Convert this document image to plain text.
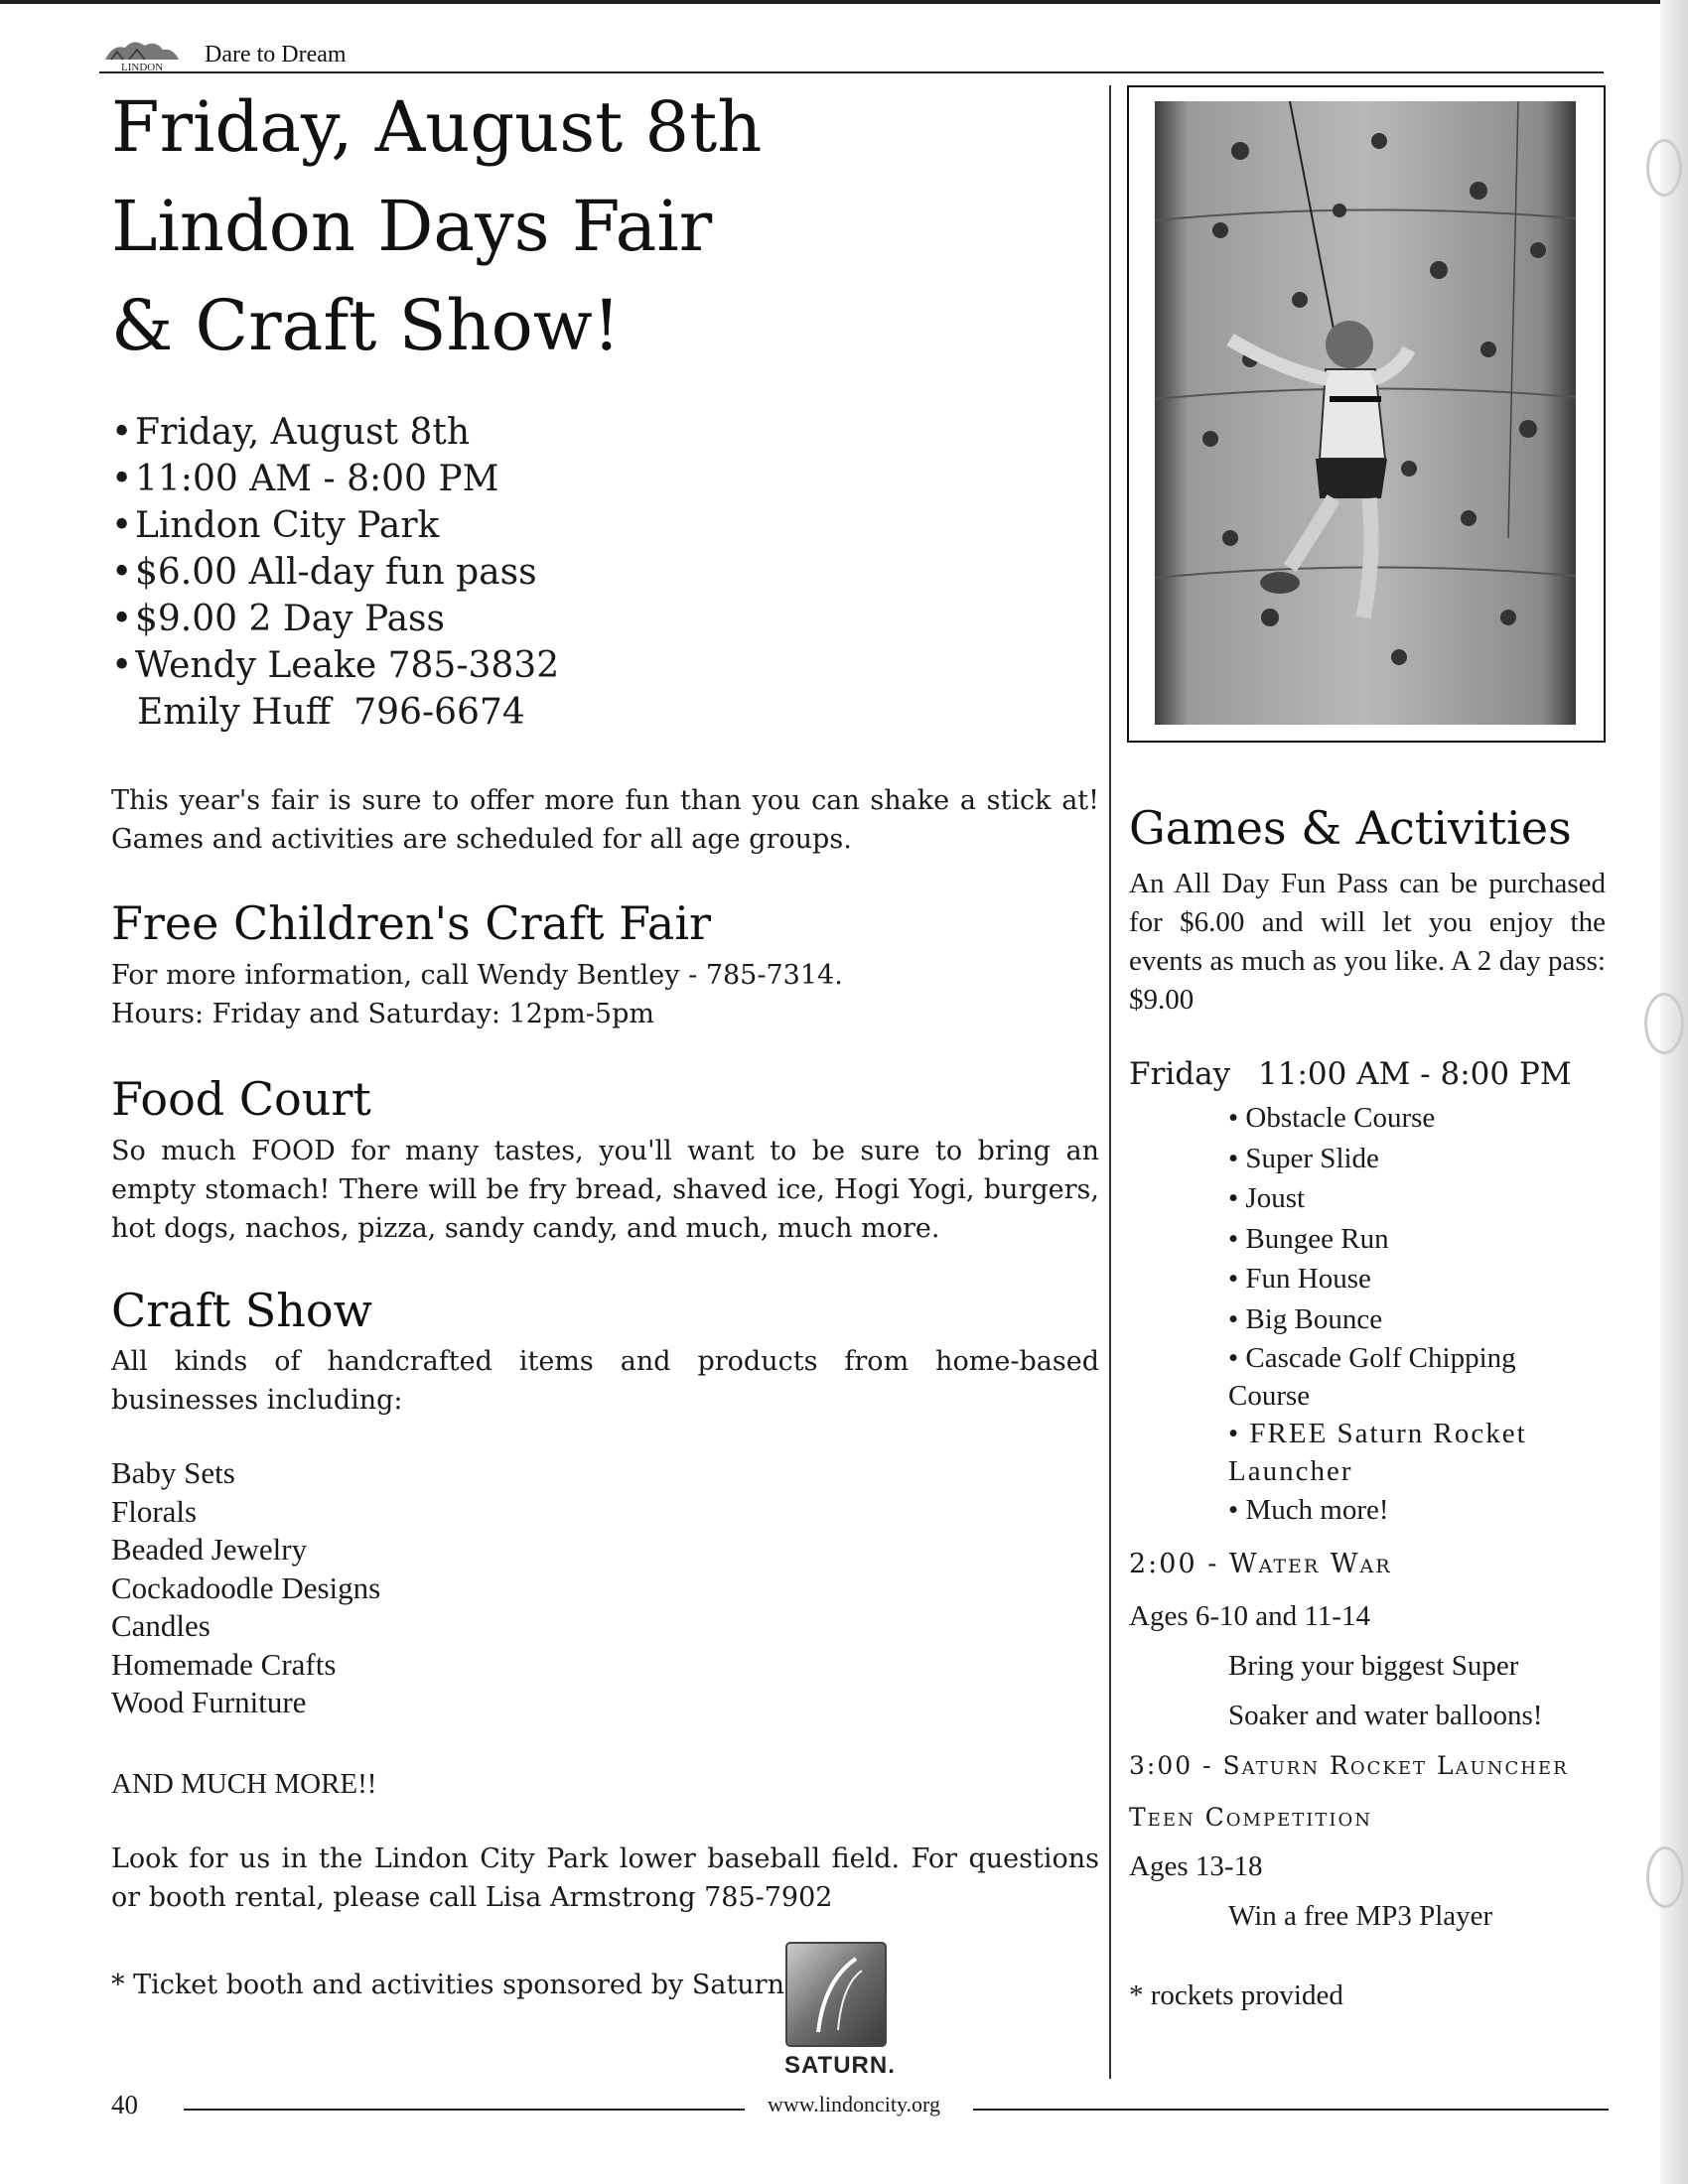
LINDON Dare to Dream
Friday, August 8th
Lindon Days Fair
& Craft Show!
• Friday, August 8th
• 11:00 AM - 8:00 PM
• Lindon City Park
• $6.00 All-day fun pass
• $9.00 2 Day Pass
• Wendy Leake 785-3832
Emily Huff  796-6674
This year's fair is sure to offer more fun than you can shake a stick at! Games and activities are scheduled for all age groups.
Free Children's Craft Fair
For more information, call Wendy Bentley - 785-7314.
Hours: Friday and Saturday: 12pm-5pm
Food Court
So much FOOD for many tastes, you'll want to be sure to bring an empty stomach! There will be fry bread, shaved ice, Hogi Yogi, burgers, hot dogs, nachos, pizza, sandy candy, and much, much more.
Craft Show
All kinds of handcrafted items and products from home-based businesses including:
Baby Sets
Florals
Beaded Jewelry
Cockadoodle Designs
Candles
Homemade Crafts
Wood Furniture
AND MUCH MORE!!
Look for us in the Lindon City Park lower baseball field. For questions or booth rental, please call Lisa Armstrong 785-7902
* Ticket booth and activities sponsored by Saturn
SATURN.
Games & Activities
An All Day Fun Pass can be purchased for $6.00 and will let you enjoy the events as much as you like. A 2 day pass: $9.00
Friday 11:00 AM - 8:00 PM
• Obstacle Course
• Super Slide
• Joust
• Bungee Run
• Fun House
• Big Bounce
• Cascade Golf Chipping Course
• FREE Saturn Rocket Launcher
• Much more!
2:00 - Water War
Ages 6-10 and 11-14
Bring your biggest Super
Soaker and water balloons!
3:00 - Saturn Rocket Launcher
Teen Competition
Ages 13-18
Win a free MP3 Player
* rockets provided
40	www.lindoncity.org
